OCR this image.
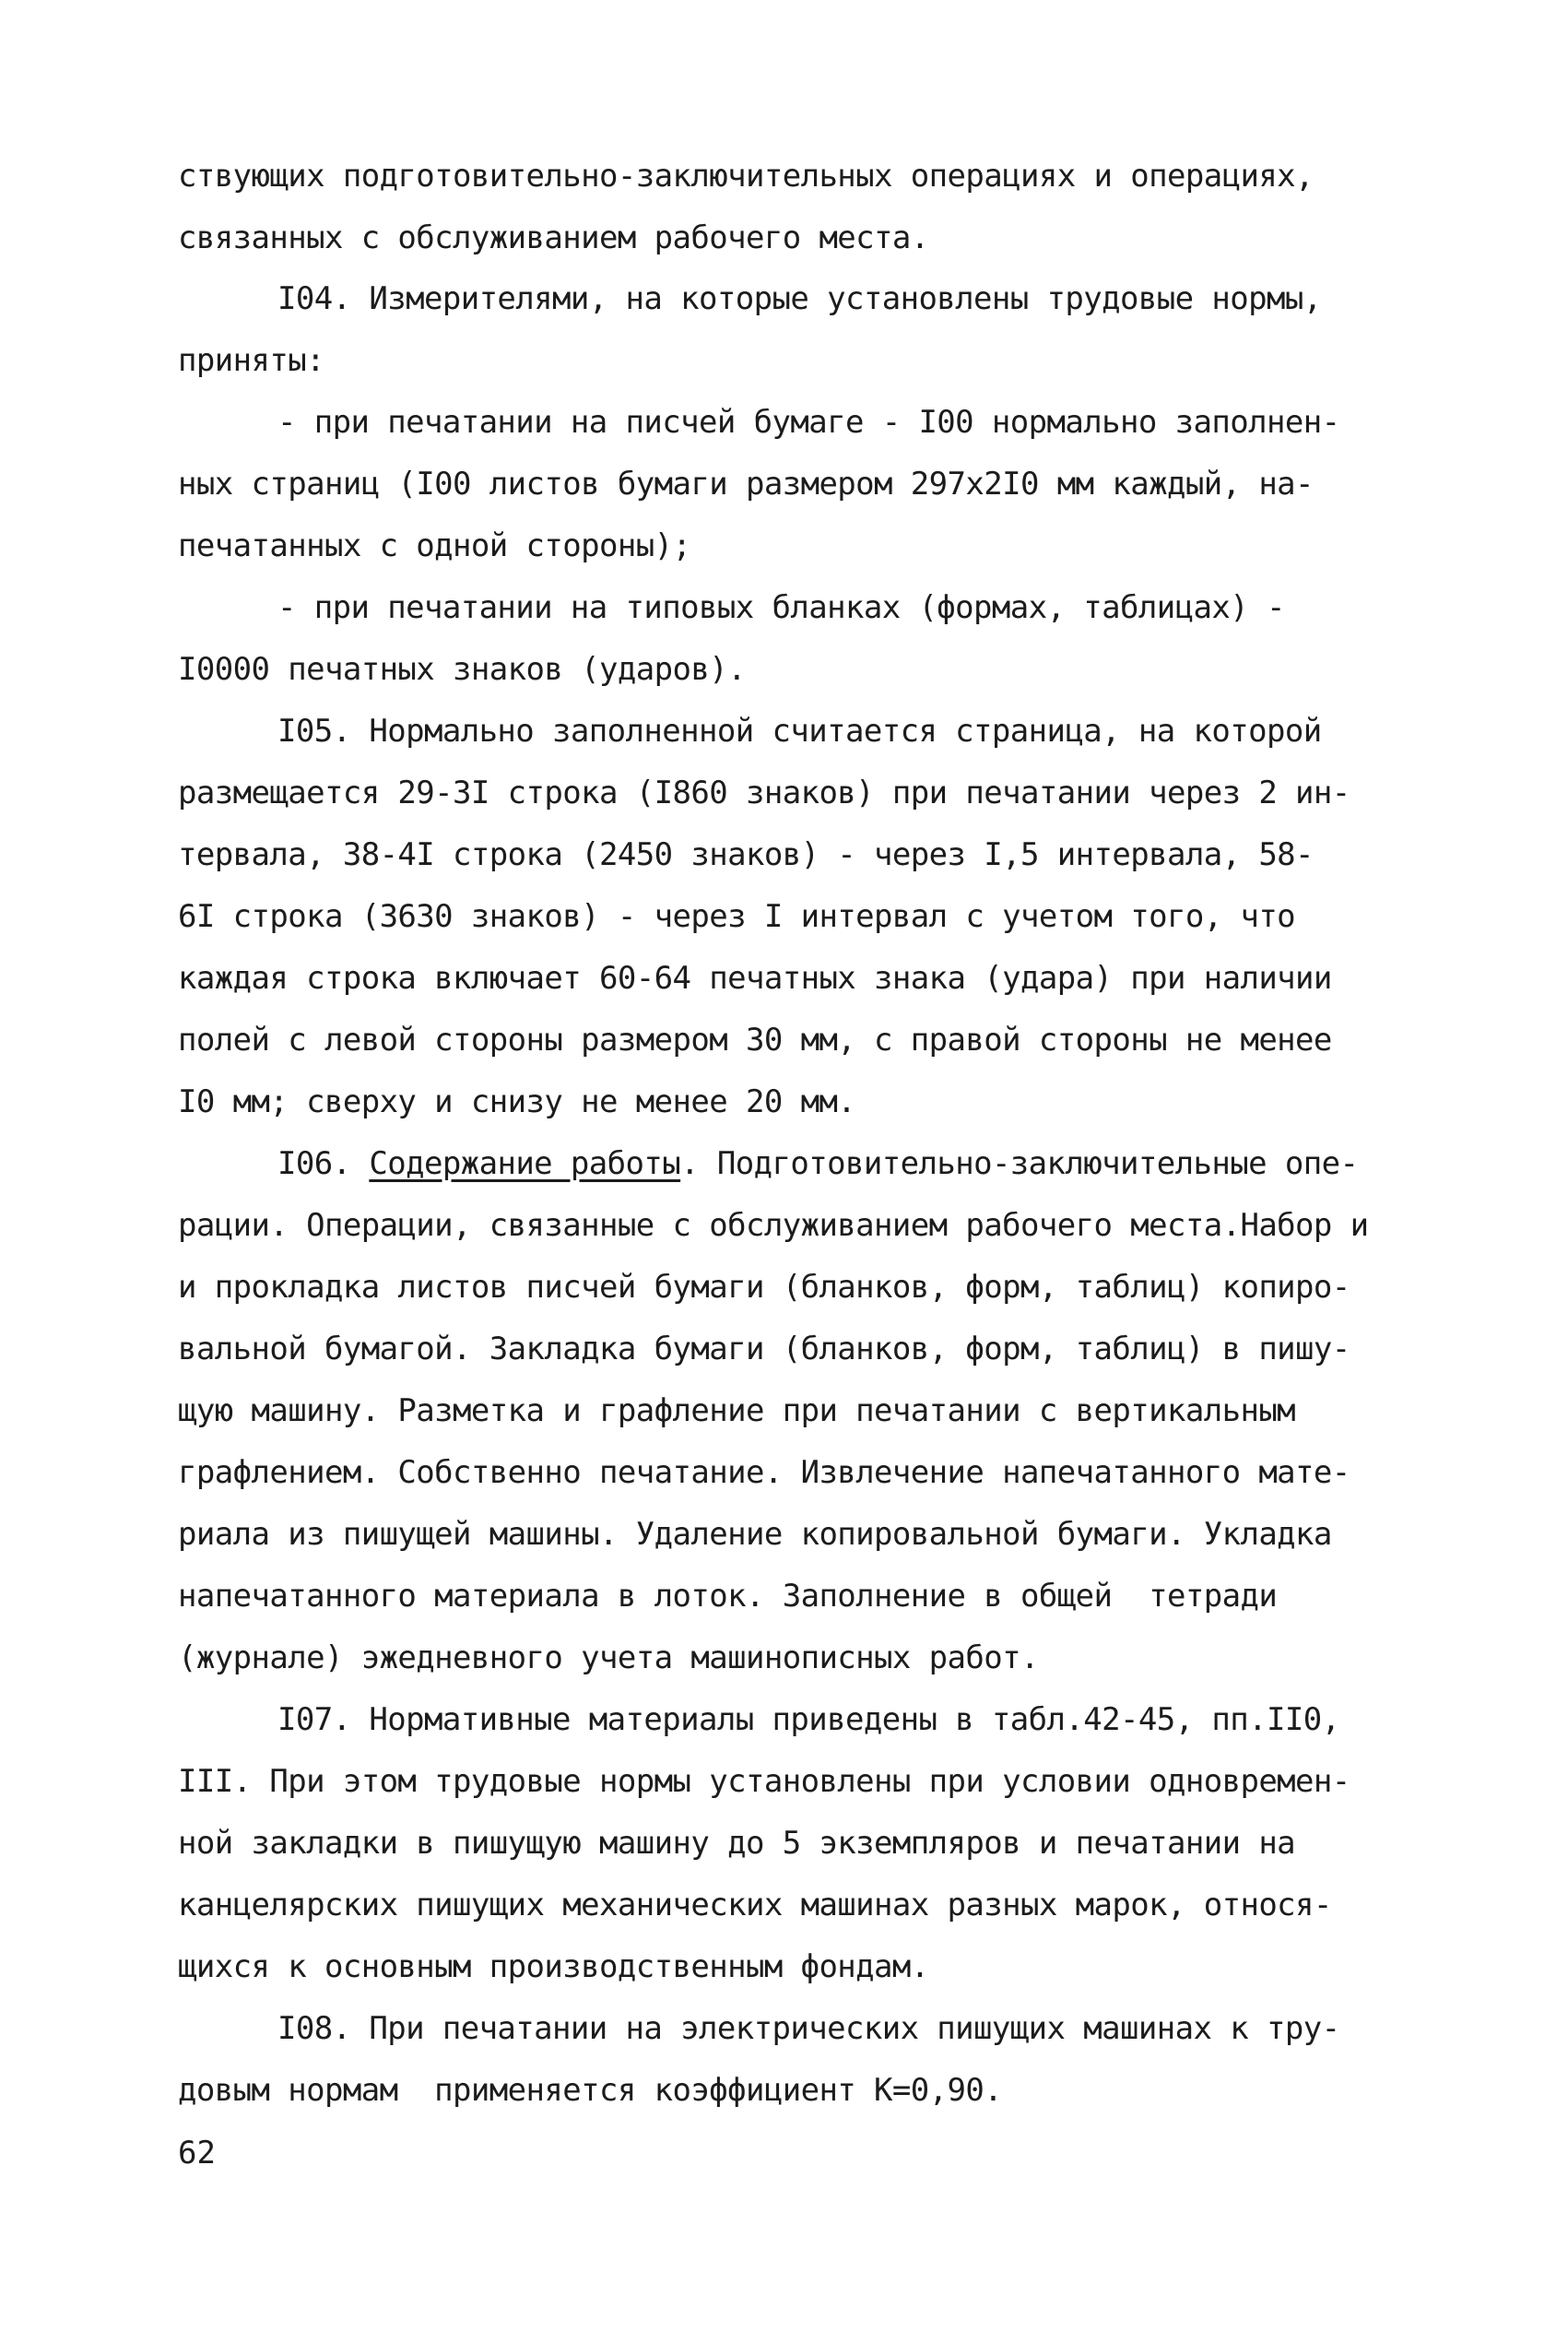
ствующих подготовительно-заключительных операциях и операциях,
связанных с обслуживанием рабочего места.
I04. Измерителями, на которые установлены трудовые нормы,
приняты:
- при печатании на писчей бумаге - I00 нормально заполнен-
ных страниц (I00 листов бумаги размером 297x2I0 мм каждый, на-
печатанных с одной стороны);
- при печатании на типовых бланках (формах, таблицах) -
I0000 печатных знаков (ударов).
I05. Нормально заполненной считается страница, на которой
размещается 29-3I строка (I860 знаков) при печатании через 2 ин-
тервала, 38-4I строка (2450 знаков) - через I,5 интервала, 58-
6I строка (3630 знаков) - через I интервал с учетом того, что
каждая строка включает 60-64 печатных знака (удара) при наличии
полей с левой стороны размером 30 мм, с правой стороны не менее
I0 мм; сверху и снизу не менее 20 мм.
I06. Содержание работы. Подготовительно-заключительные опе-
рации. Операции, связанные с обслуживанием рабочего места.Набор и
и прокладка листов писчей бумаги (бланков, форм, таблиц) копиро-
вальной бумагой. Закладка бумаги (бланков, форм, таблиц) в пишу-
щую машину. Разметка и графление при печатании с вертикальным
графлением. Собственно печатание. Извлечение напечатанного мате-
риала из пишущей машины. Удаление копировальной бумаги. Укладка
напечатанного материала в лоток. Заполнение в общей  тетради
(журнале) эжедневного учета машинописных работ.
I07. Нормативные материалы приведены в табл.42-45, пп.II0,
III. При этом трудовые нормы установлены при условии одновремен-
ной закладки в пишущую машину до 5 экземпляров и печатании на
канцелярских пишущих механических машинах разных марок, относя-
щихся к основным производственным фондам.
I08. При печатании на электрических пишущих машинах к тру-
довым нормам  применяется коэффициент К=0,90.
62
